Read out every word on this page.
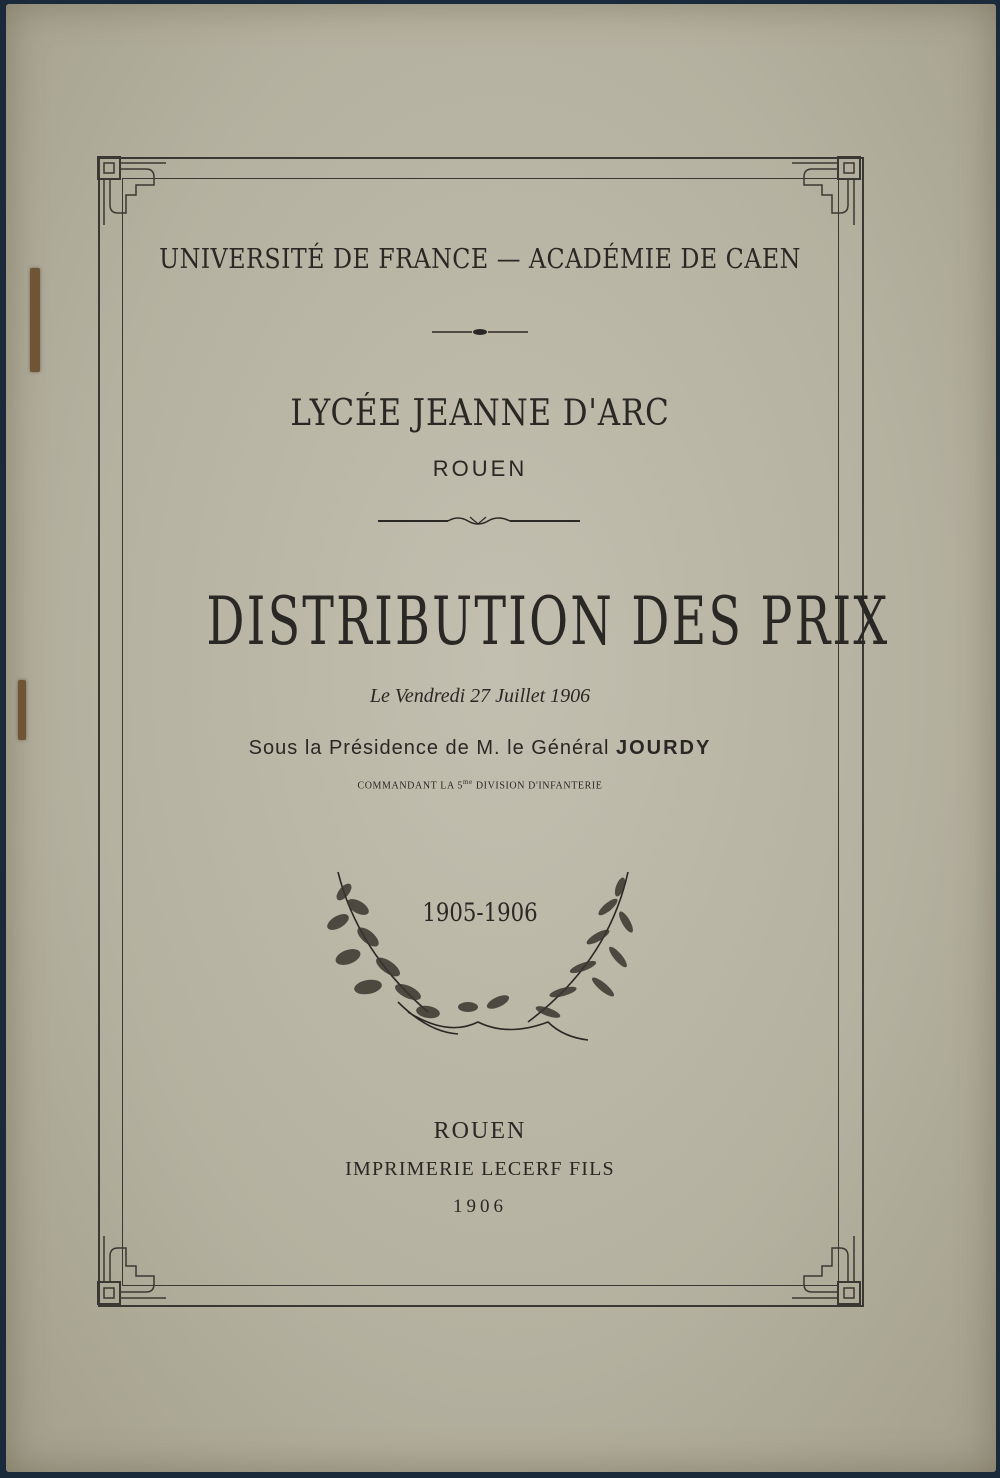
UNIVERSITÉ DE FRANCE — ACADÉMIE DE CAEN
LYCÉE JEANNE D'ARC
ROUEN
DISTRIBUTION DES PRIX
Le Vendredi 27 Juillet 1906
Sous la Présidence de M. le Général JOURDY
COMMANDANT LA $5^{me}$ DIVISION D'INFANTERIE
1905-1906
ROUEN
IMPRIMERIE LECERF FILS
1906
